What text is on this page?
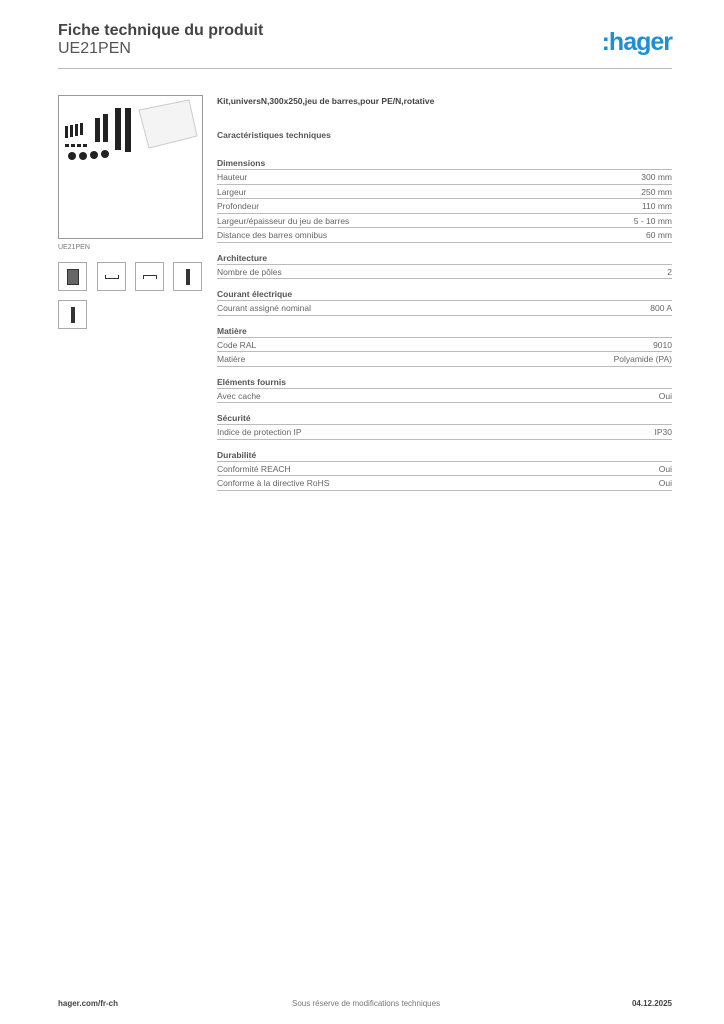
Fiche technique du produit
UE21PEN	:hager
UE21PEN
Kit,universN,300x250,jeu de barres,pour PE/N,rotative
Caractéristiques techniques
Dimensions
Hauteur	300 mm
Largeur	250 mm
Profondeur	110 mm
Largeur/épaisseur du jeu de barres	5 - 10 mm
Distance des barres omnibus	60 mm
Architecture
Nombre de pôles	2
Courant électrique
Courant assigné nominal	800 A
Matière
Code RAL	9010
Matière	Polyamide (PA)
Eléments fournis
Avec cache	Oui
Sécurité
Indice de protection IP	IP30
Durabilité
Conformité REACH	Oui
Conforme à la directive RoHS	Oui
hager.com/fr-ch	Sous réserve de modifications techniques	04.12.2025
